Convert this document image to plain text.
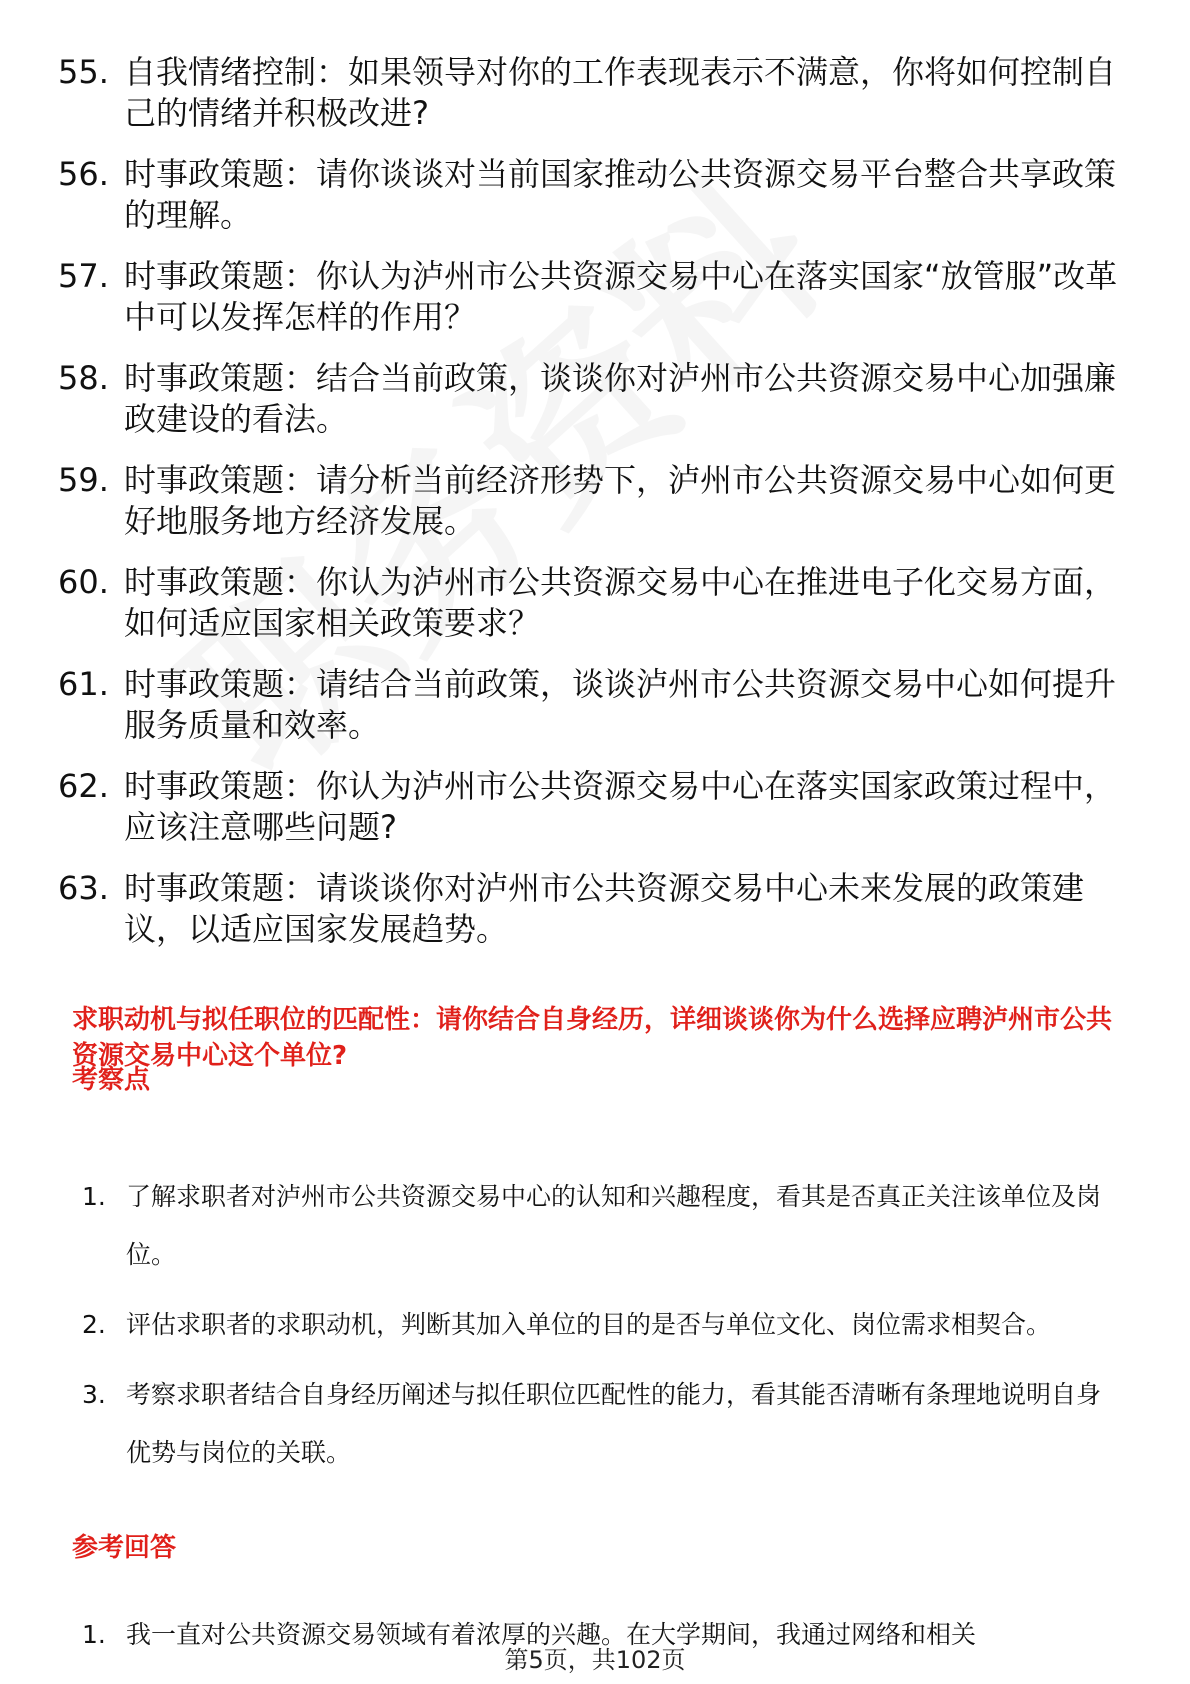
55. 自我情绪控制：如果领导对你的工作表现表示不满意，你将如何控制自己的情绪并积极改进?
56. 时事政策题：请你谈谈对当前国家推动公共资源交易平台整合共享政策的理解。
57. 时事政策题：你认为泸州市公共资源交易中心在落实国家“放管服”改革中可以发挥怎样的作用？
58. 时事政策题：结合当前政策，谈谈你对泸州市公共资源交易中心加强廉政建设的看法。
59. 时事政策题：请分析当前经济形势下，泸州市公共资源交易中心如何更好地服务地方经济发展。
60. 时事政策题：你认为泸州市公共资源交易中心在推进电子化交易方面，如何适应国家相关政策要求？
61. 时事政策题：请结合当前政策，谈谈泸州市公共资源交易中心如何提升服务质量和效率。
62. 时事政策题：你认为泸州市公共资源交易中心在落实国家政策过程中，应该注意哪些问题?
63. 时事政策题：请谈谈你对泸州市公共资源交易中心未来发展的政策建议，以适应国家发展趋势。
求职动机与拟任职位的匹配性：请你结合自身经历，详细谈谈你为什么选择应聘泸州市公共资源交易中心这个单位?
考察点
1. 了解求职者对泸州市公共资源交易中心的认知和兴趣程度，看其是否真正关注该单位及岗位。
2. 评估求职者的求职动机，判断其加入单位的目的是否与单位文化、岗位需求相契合。
3. 考察求职者结合自身经历阐述与拟任职位匹配性的能力，看其能否清晰有条理地说明自身优势与岗位的关联。
参考回答
1. 我一直对公共资源交易领域有着浓厚的兴趣。在大学期间，我通过网络和相关
第5页，共102页
